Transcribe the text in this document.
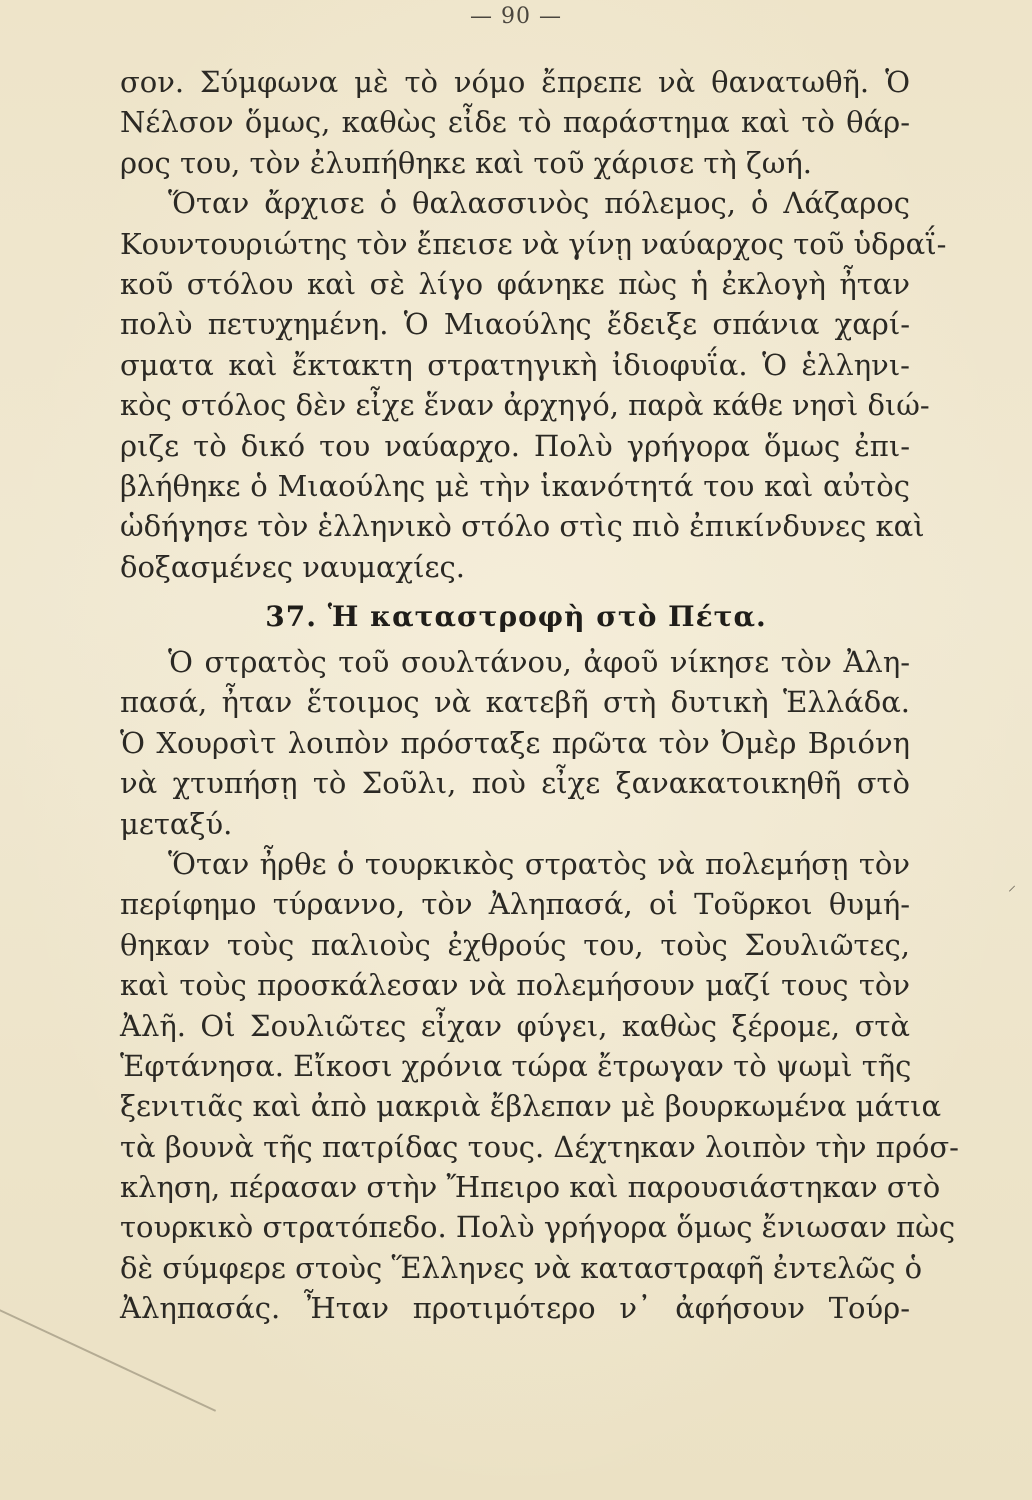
— 90 —
σον. Σύμφωνα μὲ τὸ νόμο ἔπρεπε νὰ θανατωθῆ. Ὁ
Νέλσον ὅμως, καθὼς εἶδε τὸ παράστημα καὶ τὸ θάρ-
ρος του, τὸν ἐλυπήθηκε καὶ τοῦ χάρισε τὴ ζωή.
Ὅταν ἄρχισε ὁ θαλασσινὸς πόλεμος, ὁ Λάζαρος
Κουντουριώτης τὸν ἔπεισε νὰ γίνῃ ναύαρχος τοῦ ὑδραΐ-
κοῦ στόλου καὶ σὲ λίγο φάνηκε πὼς ἡ ἐκλογὴ ἦταν
πολὺ πετυχημένη. Ὁ Μιαούλης ἔδειξε σπάνια χαρί-
σματα καὶ ἔκτακτη στρατηγικὴ ἰδιοφυΐα. Ὁ ἑλληνι-
κὸς στόλος δὲν εἶχε ἕναν ἀρχηγό, παρὰ κάθε νησὶ διώ-
ριζε τὸ δικό του ναύαρχο. Πολὺ γρήγορα ὅμως ἐπι-
βλήθηκε ὁ Μιαούλης μὲ τὴν ἱκανότητά του καὶ αὐτὸς
ὡδήγησε τὸν ἑλληνικὸ στόλο στὶς πιὸ ἐπικίνδυνες καὶ
δοξασμένες ναυμαχίες.
37. Ἡ καταστροφὴ στὸ Πέτα.
Ὁ στρατὸς τοῦ σουλτάνου, ἀφοῦ νίκησε τὸν Ἀλη-
πασά, ἦταν ἕτοιμος νὰ κατεβῆ στὴ δυτικὴ Ἑλλάδα.
Ὁ Χουρσὶτ λοιπὸν πρόσταξε πρῶτα τὸν Ὀμὲρ Βριόνη
νὰ χτυπήσῃ τὸ Σοῦλι, ποὺ εἶχε ξανακατοικηθῆ στὸ
μεταξύ.
Ὅταν ἦρθε ὁ τουρκικὸς στρατὸς νὰ πολεμήσῃ τὸν
περίφημο τύραννο, τὸν Ἀληπασά, οἱ Τοῦρκοι θυμή-
θηκαν τοὺς παλιοὺς ἐχθρούς του, τοὺς Σουλιῶτες,
καὶ τοὺς προσκάλεσαν νὰ πολεμήσουν μαζί τους τὸν
Ἀλῆ. Οἱ Σουλιῶτες εἶχαν φύγει, καθὼς ξέρομε, στὰ
Ἑφτάνησα. Εἴκοσι χρόνια τώρα ἔτρωγαν τὸ ψωμὶ τῆς
ξενιτιᾶς καὶ ἀπὸ μακριὰ ἔβλεπαν μὲ βουρκωμένα μάτια
τὰ βουνὰ τῆς πατρίδας τους. Δέχτηκαν λοιπὸν τὴν πρόσ-
κληση, πέρασαν στὴν Ἤπειρο καὶ παρουσιάστηκαν στὸ
τουρκικὸ στρατόπεδο. Πολὺ γρήγορα ὅμως ἔνιωσαν πὼς
δὲ σύμφερε στοὺς Ἕλληνες νὰ καταστραφῆ ἐντελῶς ὁ
Ἀληπασάς. Ἦταν προτιμότερο ν᾽ ἀφήσουν Τούρ-
⸍
